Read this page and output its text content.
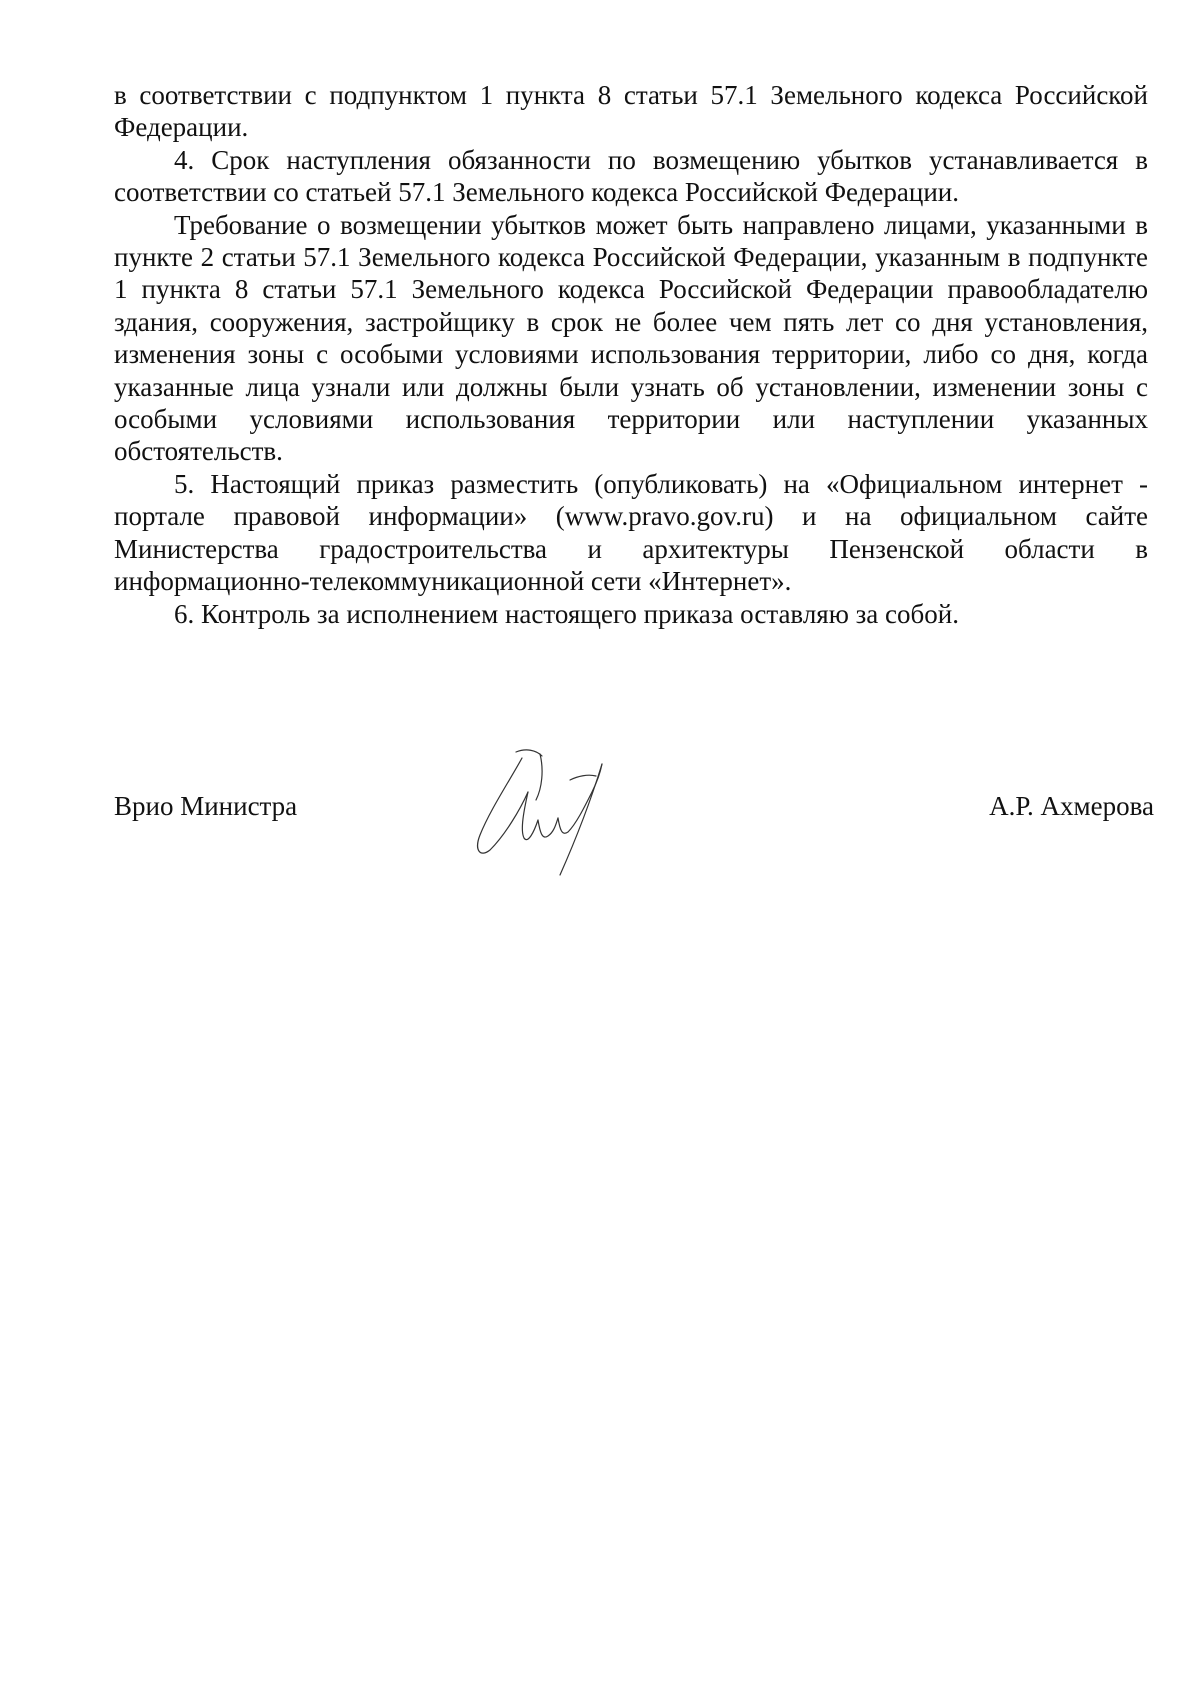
в соответствии с подпунктом 1 пункта 8 статьи 57.1 Земельного кодекса Российской Федерации.

4. Срок наступления обязанности по возмещению убытков устанавливается в соответствии со статьей 57.1 Земельного кодекса Российской Федерации.

Требование о возмещении убытков может быть направлено лицами, указанными в пункте 2 статьи 57.1 Земельного кодекса Российской Федерации, указанным в подпункте 1 пункта 8 статьи 57.1 Земельного кодекса Российской Федерации правообладателю здания, сооружения, застройщику в срок не более чем пять лет со дня установления, изменения зоны с особыми условиями использования территории, либо со дня, когда указанные лица узнали или должны были узнать об установлении, изменении зоны с особыми условиями использования территории или наступлении указанных обстоятельств.

5. Настоящий приказ разместить (опубликовать) на «Официальном интернет - портале правовой информации» (www.pravo.gov.ru) и на официальном сайте Министерства градостроительства и архитектуры Пензенской области в информационно-телекоммуникационной сети «Интернет».

6. Контроль за исполнением настоящего приказа оставляю за собой.

Врио Министра	А.Р. Ахмерова
